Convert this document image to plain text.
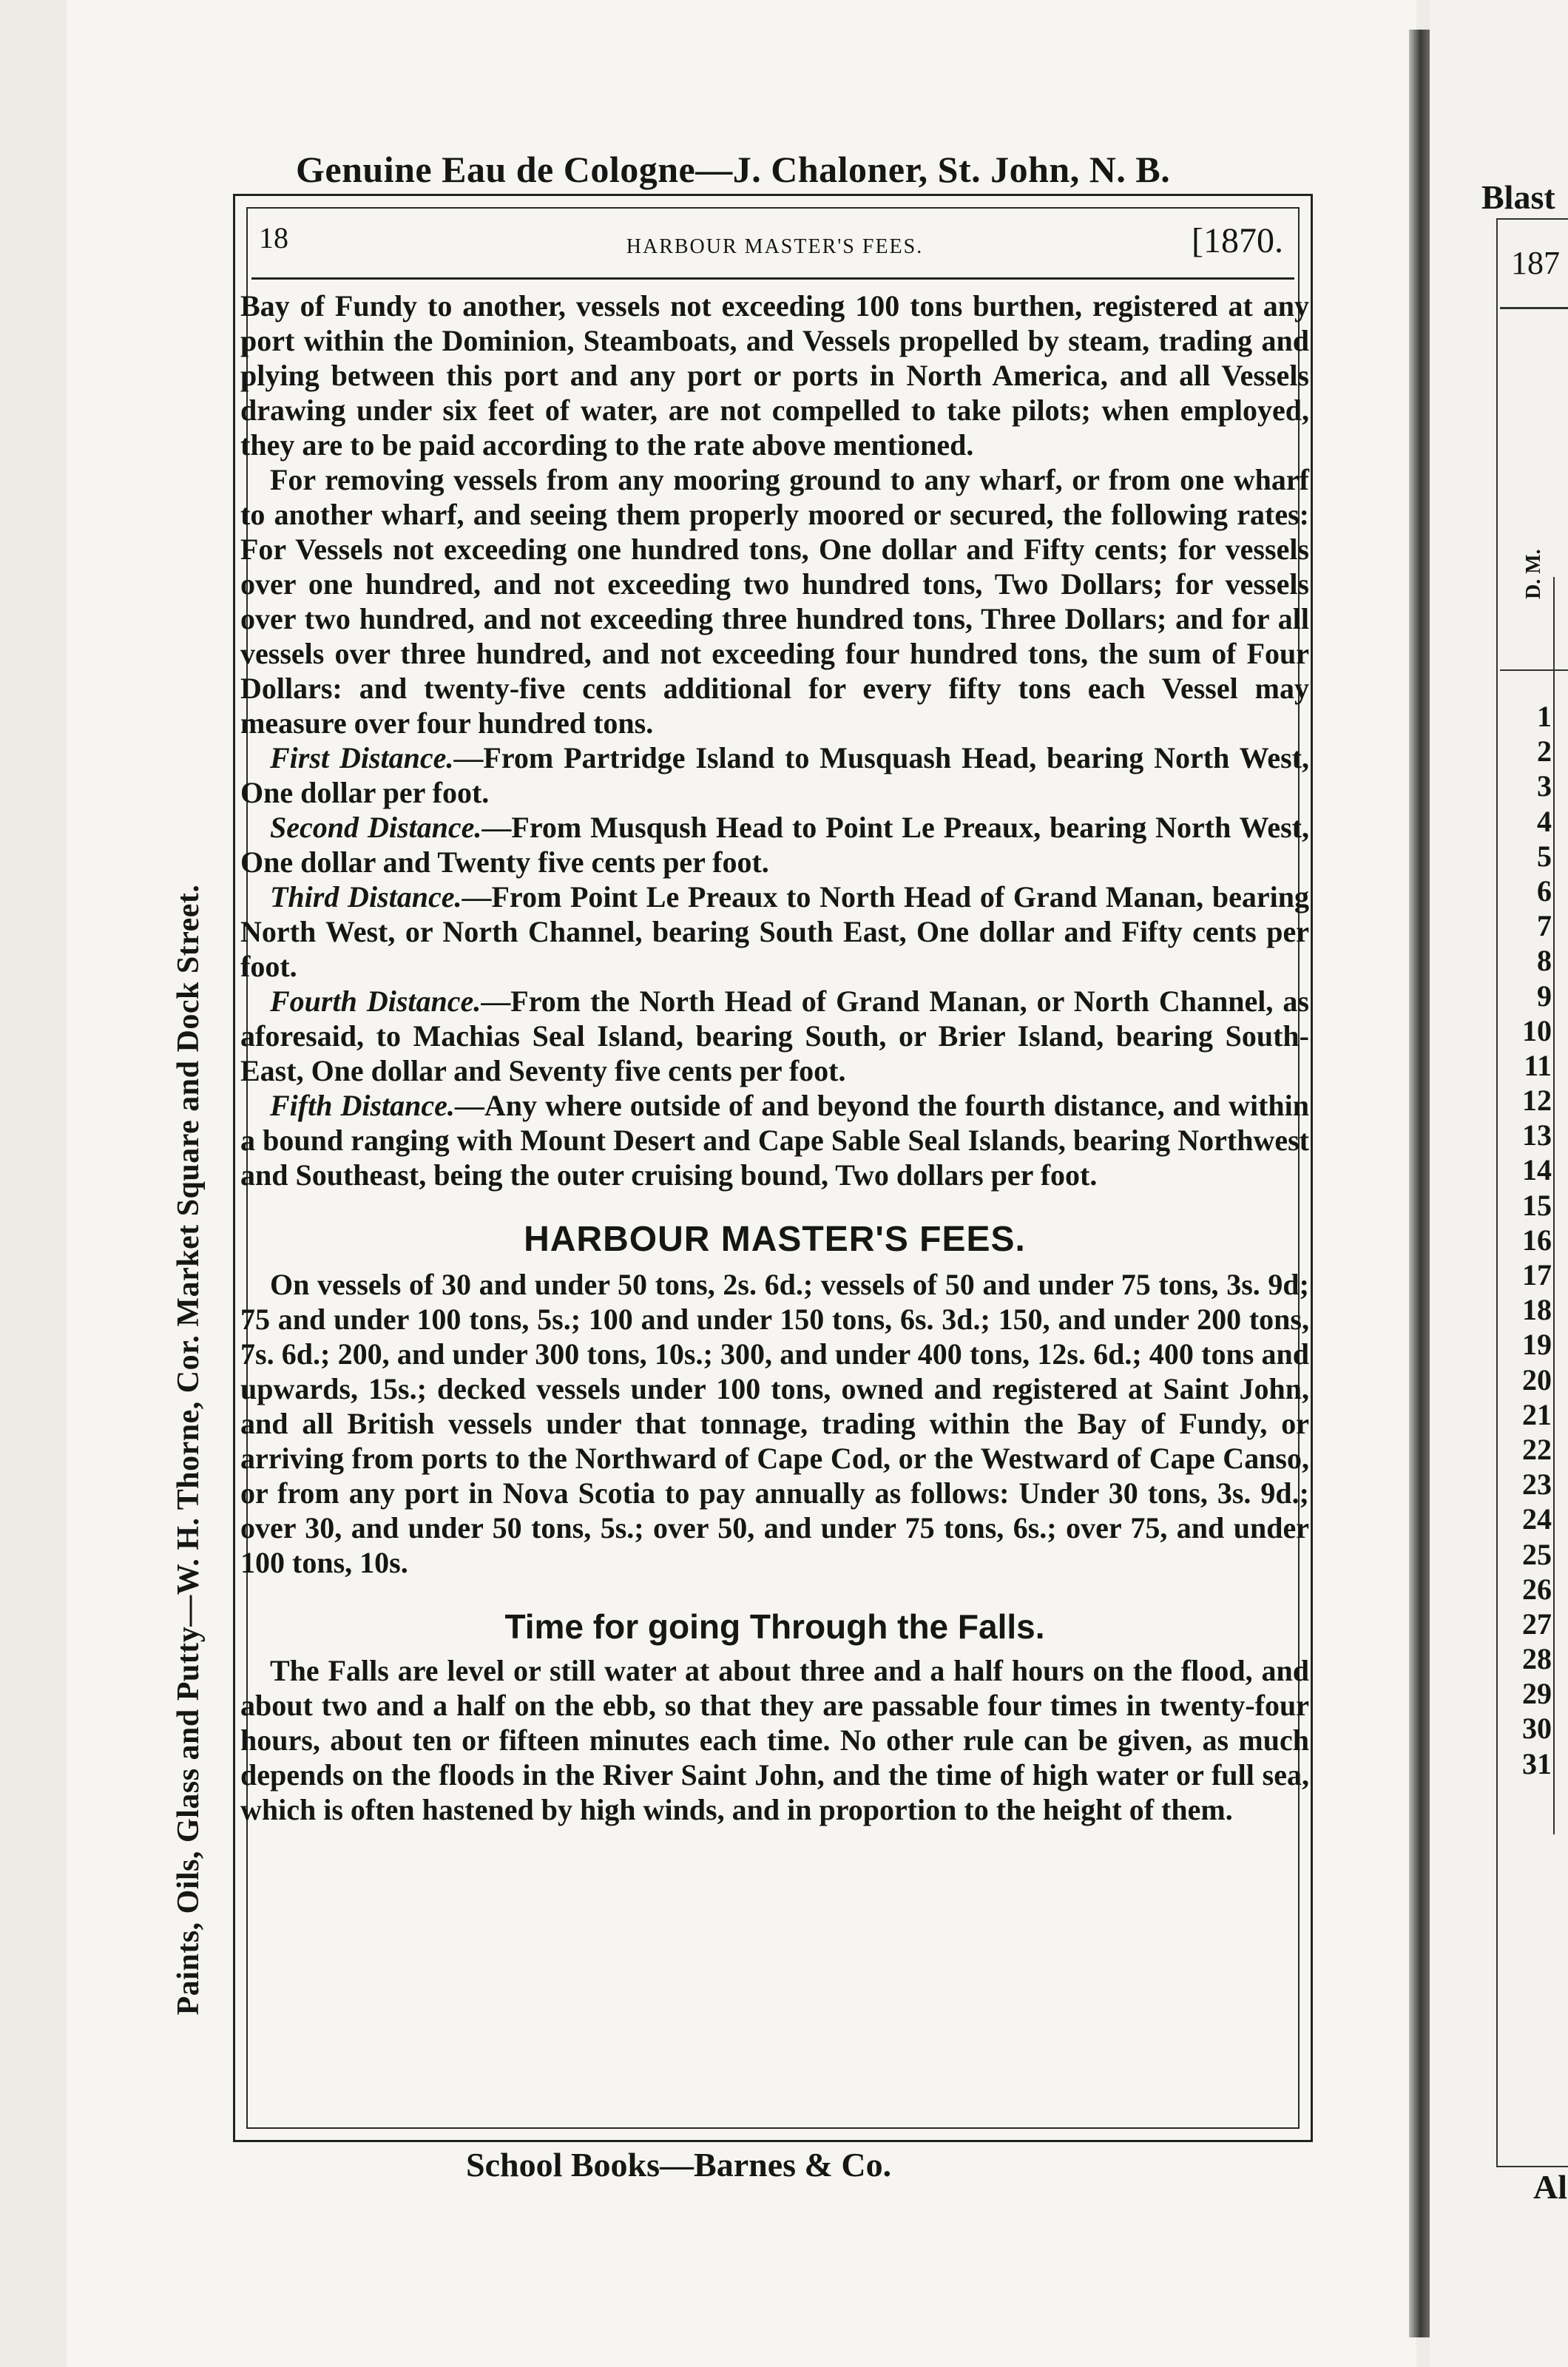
Genuine Eau de Cologne—J. Chaloner, St. John, N. B.
Paints, Oils, Glass and Putty—W. H. Thorne, Cor. Market Square and Dock Street.
18	HARBOUR MASTER'S FEES.	[1870.

Bay of Fundy to another, vessels not exceeding 100 tons burthen, registered at any port within the Dominion, Steamboats, and Vessels propelled by steam, trading and plying between this port and any port or ports in North America, and all Vessels drawing under six feet of water, are not compelled to take pilots; when employed, they are to be paid according to the rate above mentioned.

For removing vessels from any mooring ground to any wharf, or from one wharf to another wharf, and seeing them properly moored or secured, the following rates: For Vessels not exceeding one hundred tons, One dollar and Fifty cents; for vessels over one hundred, and not exceeding two hundred tons, Two Dollars; for vessels over two hundred, and not exceeding three hundred tons, Three Dollars; and for all vessels over three hundred, and not exceeding four hundred tons, the sum of Four Dollars: and twenty-five cents additional for every fifty tons each Vessel may measure over four hundred tons.

First Distance.—From Partridge Island to Musquash Head, bearing North West, One dollar per foot.

Second Distance.—From Musqush Head to Point Le Preaux, bearing North West, One dollar and Twenty five cents per foot.

Third Distance.—From Point Le Preaux to North Head of Grand Manan, bearing North West, or North Channel, bearing South East, One dollar and Fifty cents per foot.

Fourth Distance.—From the North Head of Grand Manan, or North Channel, as aforesaid, to Machias Seal Island, bearing South, or Brier Island, bearing South-East, One dollar and Seventy five cents per foot.

Fifth Distance.—Any where outside of and beyond the fourth distance, and within a bound ranging with Mount Desert and Cape Sable Seal Islands, bearing Northwest and Southeast, being the outer cruising bound, Two dollars per foot.

HARBOUR MASTER'S FEES.

On vessels of 30 and under 50 tons, 2s. 6d.; vessels of 50 and under 75 tons, 3s. 9d; 75 and under 100 tons, 5s.; 100 and under 150 tons, 6s. 3d.; 150, and under 200 tons, 7s. 6d.; 200, and under 300 tons, 10s.; 300, and under 400 tons, 12s. 6d.; 400 tons and upwards, 15s.; decked vessels under 100 tons, owned and registered at Saint John, and all British vessels under that tonnage, trading within the Bay of Fundy, or arriving from ports to the Northward of Cape Cod, or the Westward of Cape Canso, or from any port in Nova Scotia to pay annually as follows: Under 30 tons, 3s. 9d.; over 30, and under 50 tons, 5s.; over 50, and under 75 tons, 6s.; over 75, and under 100 tons, 10s.

Time for going Through the Falls.

The Falls are level or still water at about three and a half hours on the flood, and about two and a half on the ebb, so that they are passable four times in twenty-four hours, about ten or fifteen minutes each time. No other rule can be given, as much depends on the floods in the River Saint John, and the time of high water or full sea, which is often hastened by high winds, and in proportion to the height of them.

School Books—Barnes & Co.
Blast
187
D. M.
1
2
3
4
5
6
7
8
9
10
11
12
13
14
15
16
17
18
19
20
21
22
23
24
25
26
27
28
29
30
31
Al
